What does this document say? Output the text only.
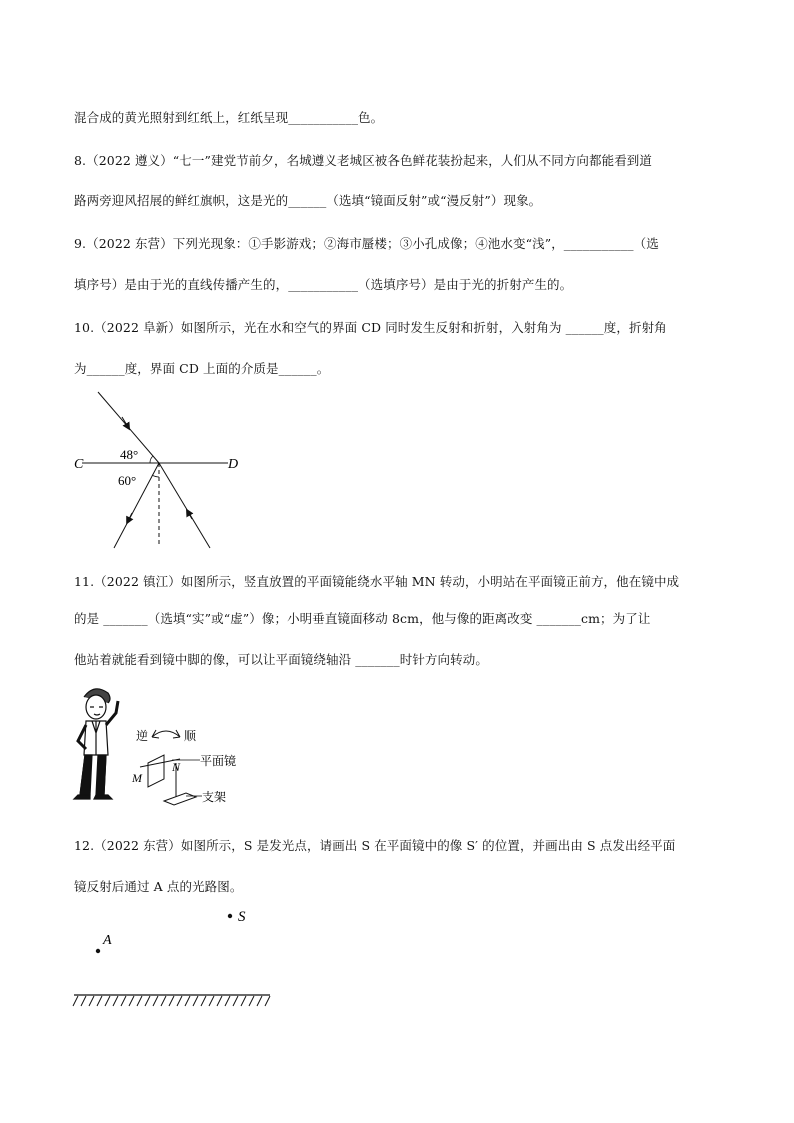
混合成的黄光照射到红纸上，红纸呈现___________色。
8.（2022 遵义）“七一”建党节前夕，名城遵义老城区被各色鲜花装扮起来，人们从不同方向都能看到道
路两旁迎风招展的鲜红旗帜，这是光的______（选填“镜面反射”或“漫反射”）现象。
9.（2022 东营）下列光现象：①手影游戏；②海市蜃楼；③小孔成像；④池水变“浅”，___________（选
填序号）是由于光的直线传播产生的，___________（选填序号）是由于光的折射产生的。
10.（2022 阜新）如图所示，光在水和空气的界面 CD 同时发生反射和折射，入射角为 ______度，折射角
为______度，界面 CD 上面的介质是______。
C	D
48°
60°
11.（2022 镇江）如图所示，竖直放置的平面镜能绕水平轴 MN 转动，小明站在平面镜正前方，他在镜中成
的是 _______（选填“实”或“虚”）像；小明垂直镜面移动 8cm，他与像的距离改变 _______cm；为了让
他站着就能看到镜中脚的像，可以让平面镜绕轴沿 _______时针方向转动。
逆	顺
平面镜
支架
M
N
12.（2022 东营）如图所示，S 是发光点，请画出 S 在平面镜中的像 S′ 的位置，并画出由 S 点发出经平面
镜反射后通过 A 点的光路图。
S
A
